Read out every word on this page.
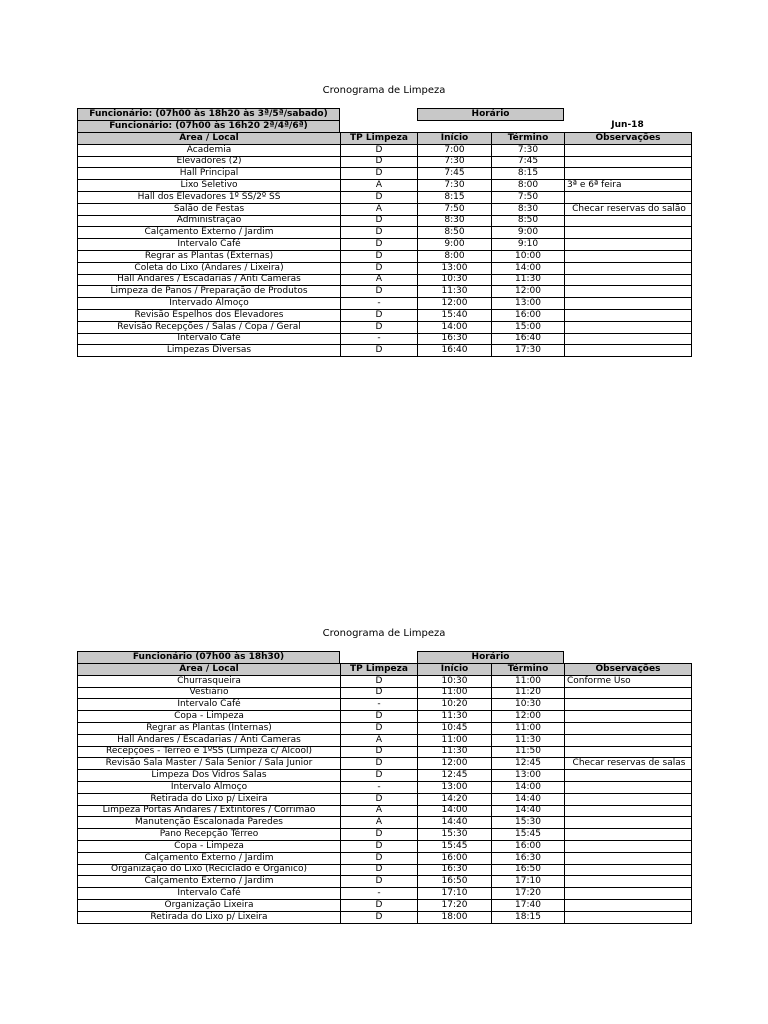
Cronograma de Limpeza
Funcionário: (07h00 às 18h20 às 3ª/5ª/sabado)
Funcionário: (07h00 às 16h20 2ª/4ª/6ª)
Horário
Jun-18
Area / Local	TP Limpeza	Início	Término	Observações
Academia	D	7:00	7:30	
Elevadores (2)	D	7:30	7:45	
Hall Principal	D	7:45	8:15	
Lixo Seletivo	A	7:30	8:00	3ª e 6ª feira
Hall dos Elevadores 1º SS/2º SS	D	8:15	7:50	
Salão de Festas	A	7:50	8:30	Checar reservas do salão
Administração	D	8:30	8:50	
Calçamento Externo / Jardim	D	8:50	9:00	
Intervalo Café	D	9:00	9:10	
Regrar as Plantas (Externas)	D	8:00	10:00	
Coleta do Lixo (Andares / Lixeira)	D	13:00	14:00	
Hall Andares / Escadarias / Anti Cameras	A	10:30	11:30	
Limpeza de Panos / Preparação de Produtos	D	11:30	12:00	
Intervado Almoço	-	12:00	13:00	
Revisão Espelhos dos Elevadores	D	15:40	16:00	
Revisão Recepções / Salas / Copa / Geral	D	14:00	15:00	
Intervalo Café	-	16:30	16:40	
Limpezas Diversas	D	16:40	17:30	
Cronograma de Limpeza
Funcionário (07h00 às 18h30)	Horário
Area / Local	TP Limpeza	Início	Término	Observações
Churrasqueira	D	10:30	11:00	Conforme Uso
Vestiário	D	11:00	11:20	
Intervalo Café	-	10:20	10:30	
Copa - Limpeza	D	11:30	12:00	
Regrar as Plantas (Internas)	D	10:45	11:00	
Hall Andares / Escadarias / Anti Cameras	A	11:00	11:30	
Recepções - Térreo e 1ºSS (Limpeza c/ Álcool)	D	11:30	11:50	
Revisão Sala Master / Sala Senior / Sala Junior	D	12:00	12:45	Checar reservas de salas
Limpeza Dos Vidros Salas	D	12:45	13:00	
Intervalo Almoço	-	13:00	14:00	
Retirada do Lixo p/ Lixeira	D	14:20	14:40	
Limpeza Portas Andares / Extintores / Corrimão	A	14:00	14:40	
Manutenção Escalonada Paredes	A	14:40	15:30	
Pano Recepção Térreo	D	15:30	15:45	
Copa - Limpeza	D	15:45	16:00	
Calçamento Externo / Jardim	D	16:00	16:30	
Organização do Lixo (Reciclado e Orgânico)	D	16:30	16:50	
Calçamento Externo / Jardim	D	16:50	17:10	
Intervalo Café	-	17:10	17:20	
Organização Lixeira	D	17:20	17:40	
Retirada do Lixo p/ Lixeira	D	18:00	18:15	
